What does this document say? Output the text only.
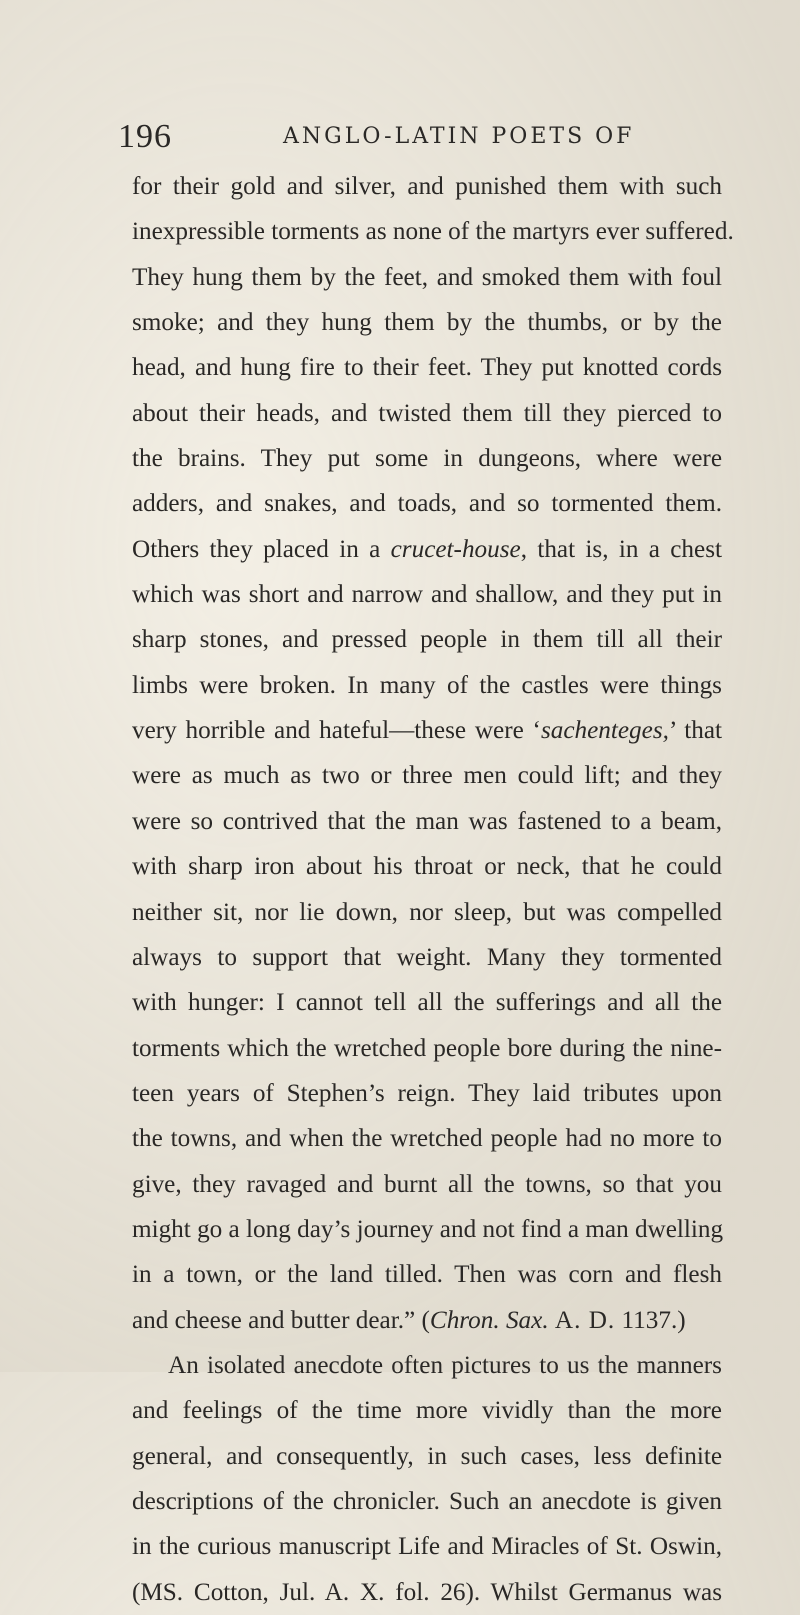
196	ANGLO-LATIN POETS OF
for their gold and silver, and punished them with such
inexpressible torments as none of the martyrs ever suffered.
They hung them by the feet, and smoked them with foul
smoke; and they hung them by the thumbs, or by the
head, and hung fire to their feet. They put knotted cords
about their heads, and twisted them till they pierced to
the brains. They put some in dungeons, where were
adders, and snakes, and toads, and so tormented them.
Others they placed in a crucet-house, that is, in a chest
which was short and narrow and shallow, and they put in
sharp stones, and pressed people in them till all their
limbs were broken. In many of the castles were things
very horrible and hateful—these were ‘sachenteges,’ that
were as much as two or three men could lift; and they
were so contrived that the man was fastened to a beam,
with sharp iron about his throat or neck, that he could
neither sit, nor lie down, nor sleep, but was compelled
always to support that weight. Many they tormented
with hunger: I cannot tell all the sufferings and all the
torments which the wretched people bore during the nine-
teen years of Stephen’s reign. They laid tributes upon
the towns, and when the wretched people had no more to
give, they ravaged and burnt all the towns, so that you
might go a long day’s journey and not find a man dwelling
in a town, or the land tilled. Then was corn and flesh
and cheese and butter dear.” (Chron. Sax. A. D. 1137.)
An isolated anecdote often pictures to us the manners
and feelings of the time more vividly than the more
general, and consequently, in such cases, less definite
descriptions of the chronicler. Such an anecdote is given
in the curious manuscript Life and Miracles of St. Oswin,
(MS. Cotton, Jul. A. X. fol. 26). Whilst Germanus was
